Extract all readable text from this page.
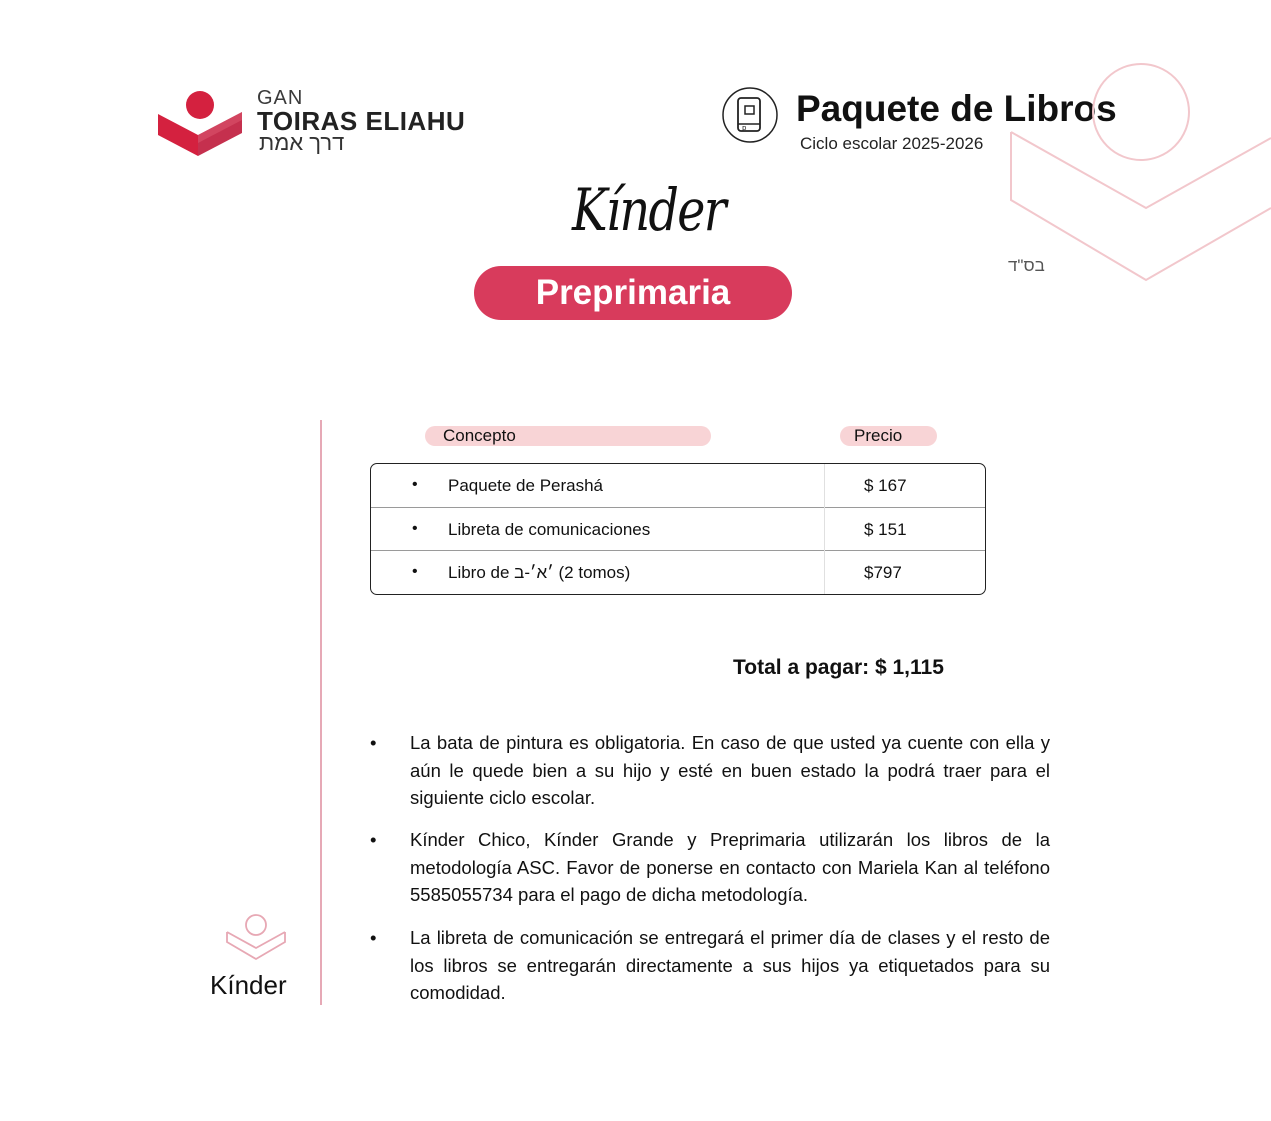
GAN
TOIRAS ELIAHU
דרך אמת
p Paquete de Libros
Ciclo escolar 2025-2026
בס"ד
Kínder
Preprimaria
Kínder
Concepto	Precio
• Paquete de Perashá	$ 167
• Libreta de comunicaciones	$ 151
• Libro de ׳א׳-ב (2 tomos)	$797
Total a pagar: $ 1,115
•	La bata de pintura es obligatoria. En caso de que usted ya cuente con ella y aún le quede bien a su hijo y esté en buen estado la podrá traer para el siguiente ciclo escolar.
•	Kínder Chico, Kínder Grande y Preprimaria utilizarán los libros de la metodología ASC. Favor de ponerse en contacto con Mariela Kan al teléfono 5585055734 para el pago de dicha metodología.
•	La libreta de comunicación se entregará el primer día de clases y el resto de los libros se entregarán directamente a sus hijos ya etiquetados para su comodidad.
